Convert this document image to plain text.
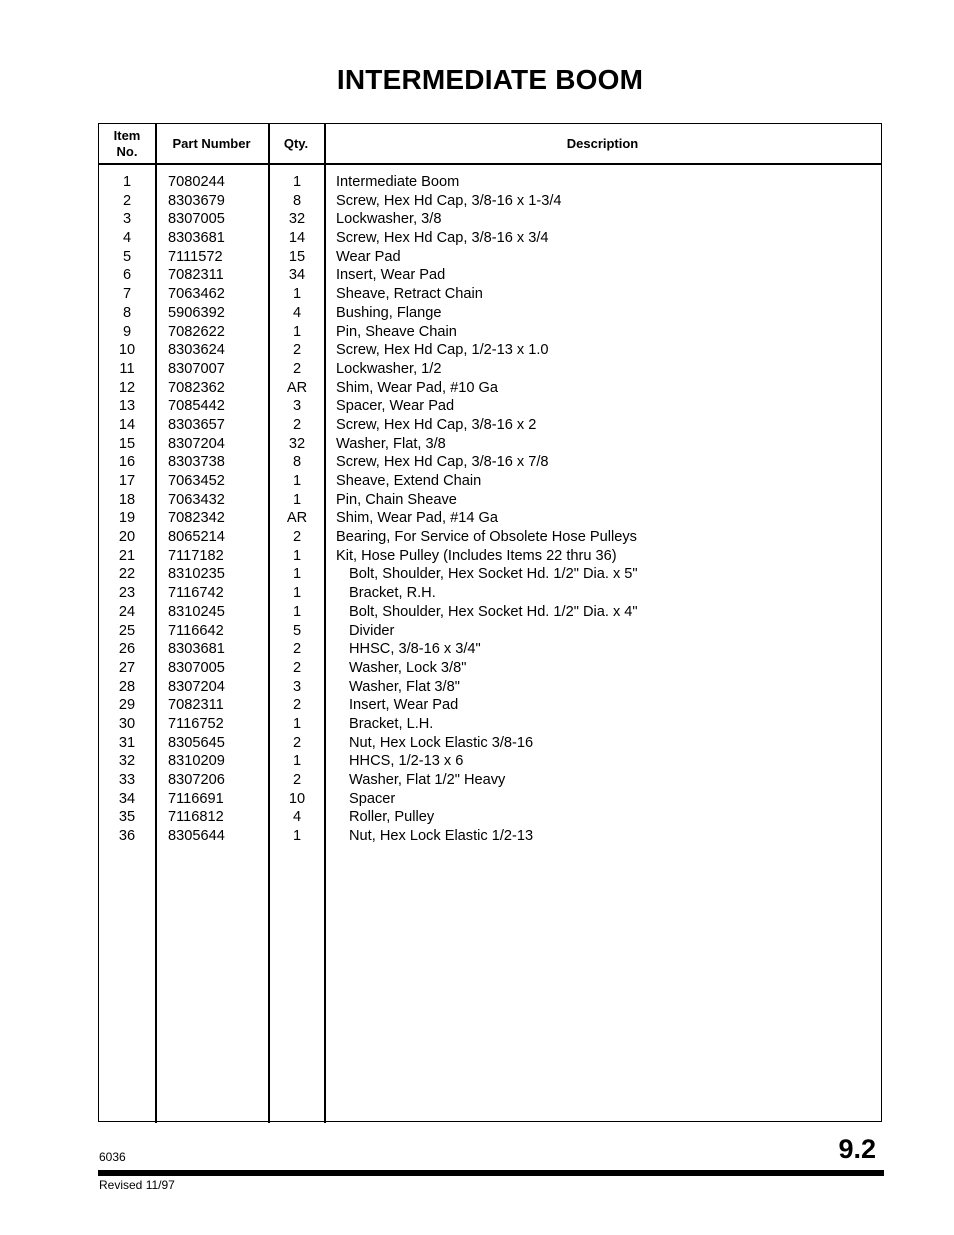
INTERMEDIATE BOOM
Item
No.
Part Number	Qty.	Description
1	7080244	1	Intermediate Boom
2	8303679	8	Screw, Hex Hd Cap, 3/8-16 x 1-3/4
3	8307005	32	Lockwasher, 3/8
4	8303681	14	Screw, Hex Hd Cap, 3/8-16 x 3/4
5	7111572	15	Wear Pad
6	7082311	34	Insert, Wear Pad
7	7063462	1	Sheave, Retract Chain
8	5906392	4	Bushing, Flange
9	7082622	1	Pin, Sheave Chain
10	8303624	2	Screw, Hex Hd Cap, 1/2-13 x 1.0
11	8307007	2	Lockwasher, 1/2
12	7082362	AR	Shim, Wear Pad, #10 Ga
13	7085442	3	Spacer, Wear Pad
14	8303657	2	Screw, Hex Hd Cap, 3/8-16 x 2
15	8307204	32	Washer, Flat, 3/8
16	8303738	8	Screw, Hex Hd Cap, 3/8-16 x 7/8
17	7063452	1	Sheave, Extend Chain
18	7063432	1	Pin, Chain Sheave
19	7082342	AR	Shim, Wear Pad, #14 Ga
20	8065214	2	Bearing, For Service of Obsolete Hose Pulleys
21	7117182	1	Kit, Hose Pulley (Includes Items 22 thru 36)
22	8310235	1	Bolt, Shoulder, Hex Socket Hd. 1/2" Dia. x 5"
23	7116742	1	Bracket, R.H.
24	8310245	1	Bolt, Shoulder, Hex Socket Hd. 1/2" Dia. x 4"
25	7116642	5	Divider
26	8303681	2	HHSC, 3/8-16 x 3/4"
27	8307005	2	Washer, Lock 3/8"
28	8307204	3	Washer, Flat 3/8"
29	7082311	2	Insert, Wear Pad
30	7116752	1	Bracket, L.H.
31	8305645	2	Nut, Hex Lock Elastic 3/8-16
32	8310209	1	HHCS, 1/2-13 x 6
33	8307206	2	Washer, Flat 1/2" Heavy
34	7116691	10	Spacer
35	7116812	4	Roller, Pulley
36	8305644	1	Nut, Hex Lock Elastic 1/2-13
6036	9.2
Revised 11/97
